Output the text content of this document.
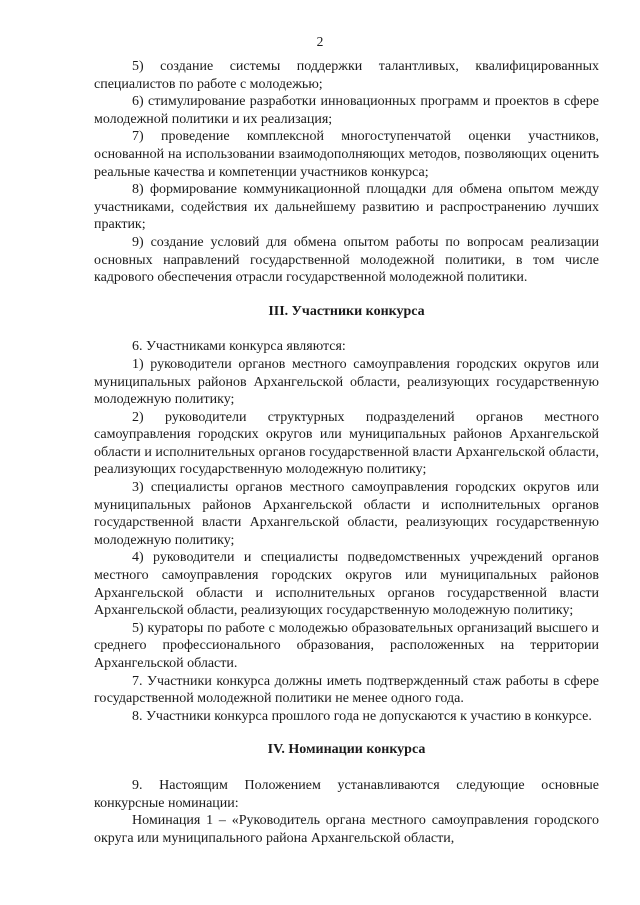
2

5) создание системы поддержки талантливых, квалифицированных специалистов по работе с молодежью;

6) стимулирование разработки инновационных программ и проектов в сфере молодежной политики и их реализация;

7) проведение комплексной многоступенчатой оценки участников, основанной на использовании взаимодополняющих методов, позволяющих оценить реальные качества и компетенции участников конкурса;

8) формирование коммуникационной площадки для обмена опытом между участниками, содействия их дальнейшему развитию и распространению лучших практик;

9) создание условий для обмена опытом работы по вопросам реализации основных направлений государственной молодежной политики, в том числе кадрового обеспечения отрасли государственной молодежной политики.

III. Участники конкурса

6. Участниками конкурса являются:

1) руководители органов местного самоуправления городских округов или муниципальных районов Архангельской области, реализующих государственную молодежную политику;

2) руководители структурных подразделений органов местного самоуправления городских округов или муниципальных районов Архангельской области и исполнительных органов государственной власти Архангельской области, реализующих государственную молодежную политику;

3) специалисты органов местного самоуправления городских округов или муниципальных районов Архангельской области и исполнительных органов государственной власти Архангельской области, реализующих государственную молодежную политику;

4) руководители и специалисты подведомственных учреждений органов местного самоуправления городских округов или муниципальных районов Архангельской области и исполнительных органов государственной власти Архангельской области, реализующих государственную молодежную политику;

5) кураторы по работе с молодежью образовательных организаций высшего и среднего профессионального образования, расположенных на территории Архангельской области.

7. Участники конкурса должны иметь подтвержденный стаж работы в сфере государственной молодежной политики не менее одного года.

8. Участники конкурса прошлого года не допускаются к участию в конкурсе.

IV. Номинации конкурса

9. Настоящим Положением устанавливаются следующие основные конкурсные номинации:

Номинация 1 – «Руководитель органа местного самоуправления городского округа или муниципального района Архангельской области,
